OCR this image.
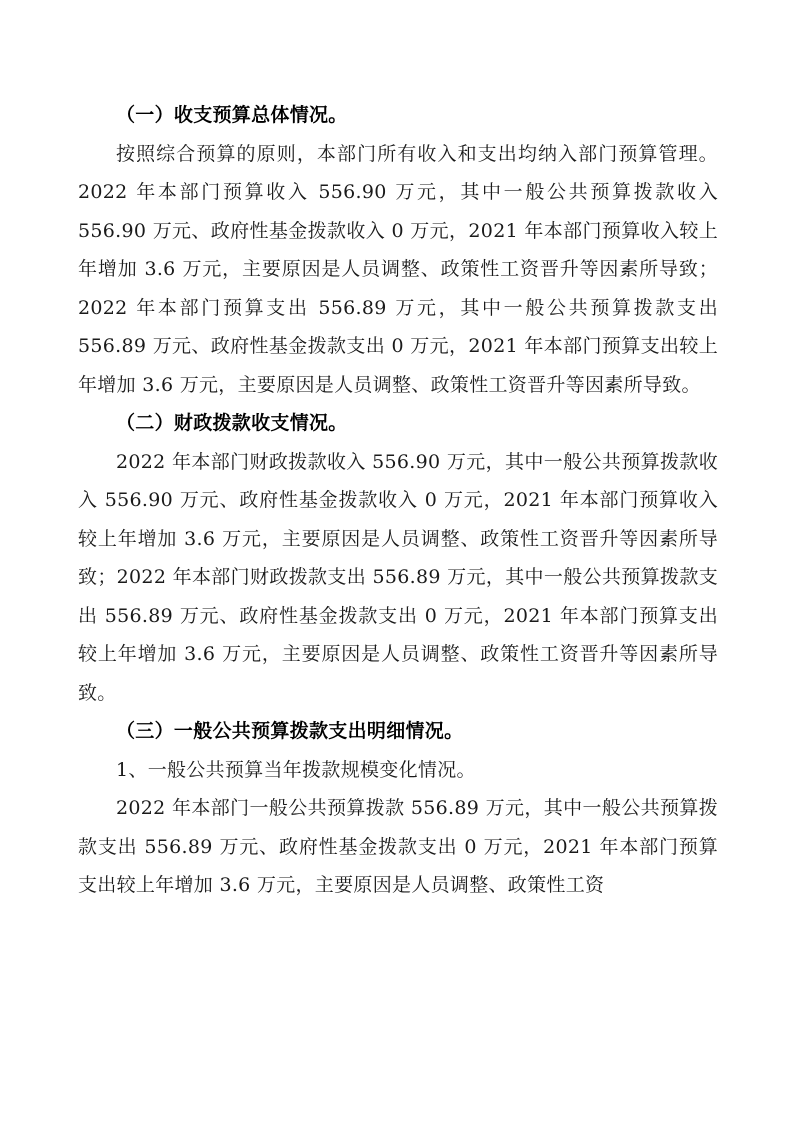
（一）收支预算总体情况。

按照综合预算的原则，本部门所有收入和支出均纳入部门预算管理。2022 年本部门预算收入 556.90 万元，其中一般公共预算拨款收入 556.90 万元、政府性基金拨款收入 0 万元，2021 年本部门预算收入较上年增加 3.6 万元，主要原因是人员调整、政策性工资晋升等因素所导致；2022 年本部门预算支出 556.89 万元，其中一般公共预算拨款支出 556.89 万元、政府性基金拨款支出 0 万元，2021 年本部门预算支出较上年增加 3.6 万元，主要原因是人员调整、政策性工资晋升等因素所导致。

（二）财政拨款收支情况。

2022 年本部门财政拨款收入 556.90 万元，其中一般公共预算拨款收入 556.90 万元、政府性基金拨款收入 0 万元，2021 年本部门预算收入较上年增加 3.6 万元，主要原因是人员调整、政策性工资晋升等因素所导致；2022 年本部门财政拨款支出 556.89 万元，其中一般公共预算拨款支出 556.89 万元、政府性基金拨款支出 0 万元，2021 年本部门预算支出较上年增加 3.6 万元，主要原因是人员调整、政策性工资晋升等因素所导致。

（三）一般公共预算拨款支出明细情况。

1、一般公共预算当年拨款规模变化情况。

2022 年本部门一般公共预算拨款 556.89 万元，其中一般公共预算拨款支出 556.89 万元、政府性基金拨款支出 0 万元，2021 年本部门预算支出较上年增加 3.6 万元，主要原因是人员调整、政策性工资
